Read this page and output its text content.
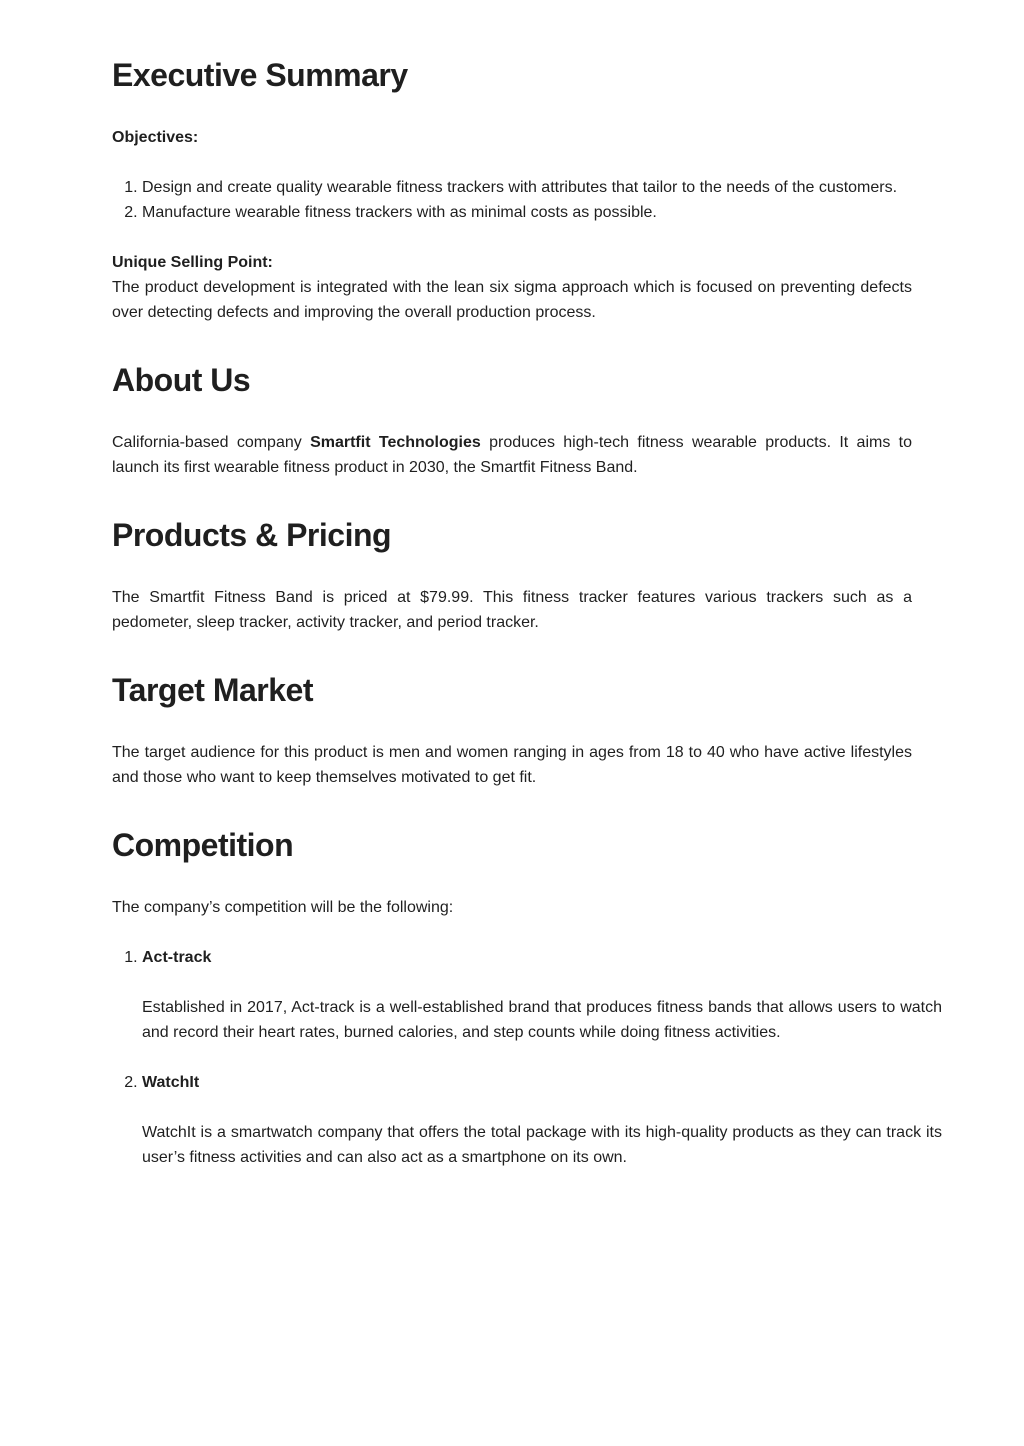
Executive Summary

Objectives:

1. Design and create quality wearable fitness trackers with attributes that tailor to the needs of the customers.
2. Manufacture wearable fitness trackers with as minimal costs as possible.

Unique Selling Point:

The product development is integrated with the lean six sigma approach which is focused on preventing defects over detecting defects and improving the overall production process.

About Us

California-based company Smartfit Technologies produces high-tech fitness wearable products. It aims to launch its first wearable fitness product in 2030, the Smartfit Fitness Band.

Products & Pricing

The Smartfit Fitness Band is priced at $79.99. This fitness tracker features various trackers such as a pedometer, sleep tracker, activity tracker, and period tracker.

Target Market

The target audience for this product is men and women ranging in ages from 18 to 40 who have active lifestyles and those who want to keep themselves motivated to get fit.

Competition

The company’s competition will be the following:

1. Act-track

Established in 2017, Act-track is a well-established brand that produces fitness bands that allows users to watch and record their heart rates, burned calories, and step counts while doing fitness activities.

2. WatchIt

WatchIt is a smartwatch company that offers the total package with its high-quality products as they can track its user’s fitness activities and can also act as a smartphone on its own.
